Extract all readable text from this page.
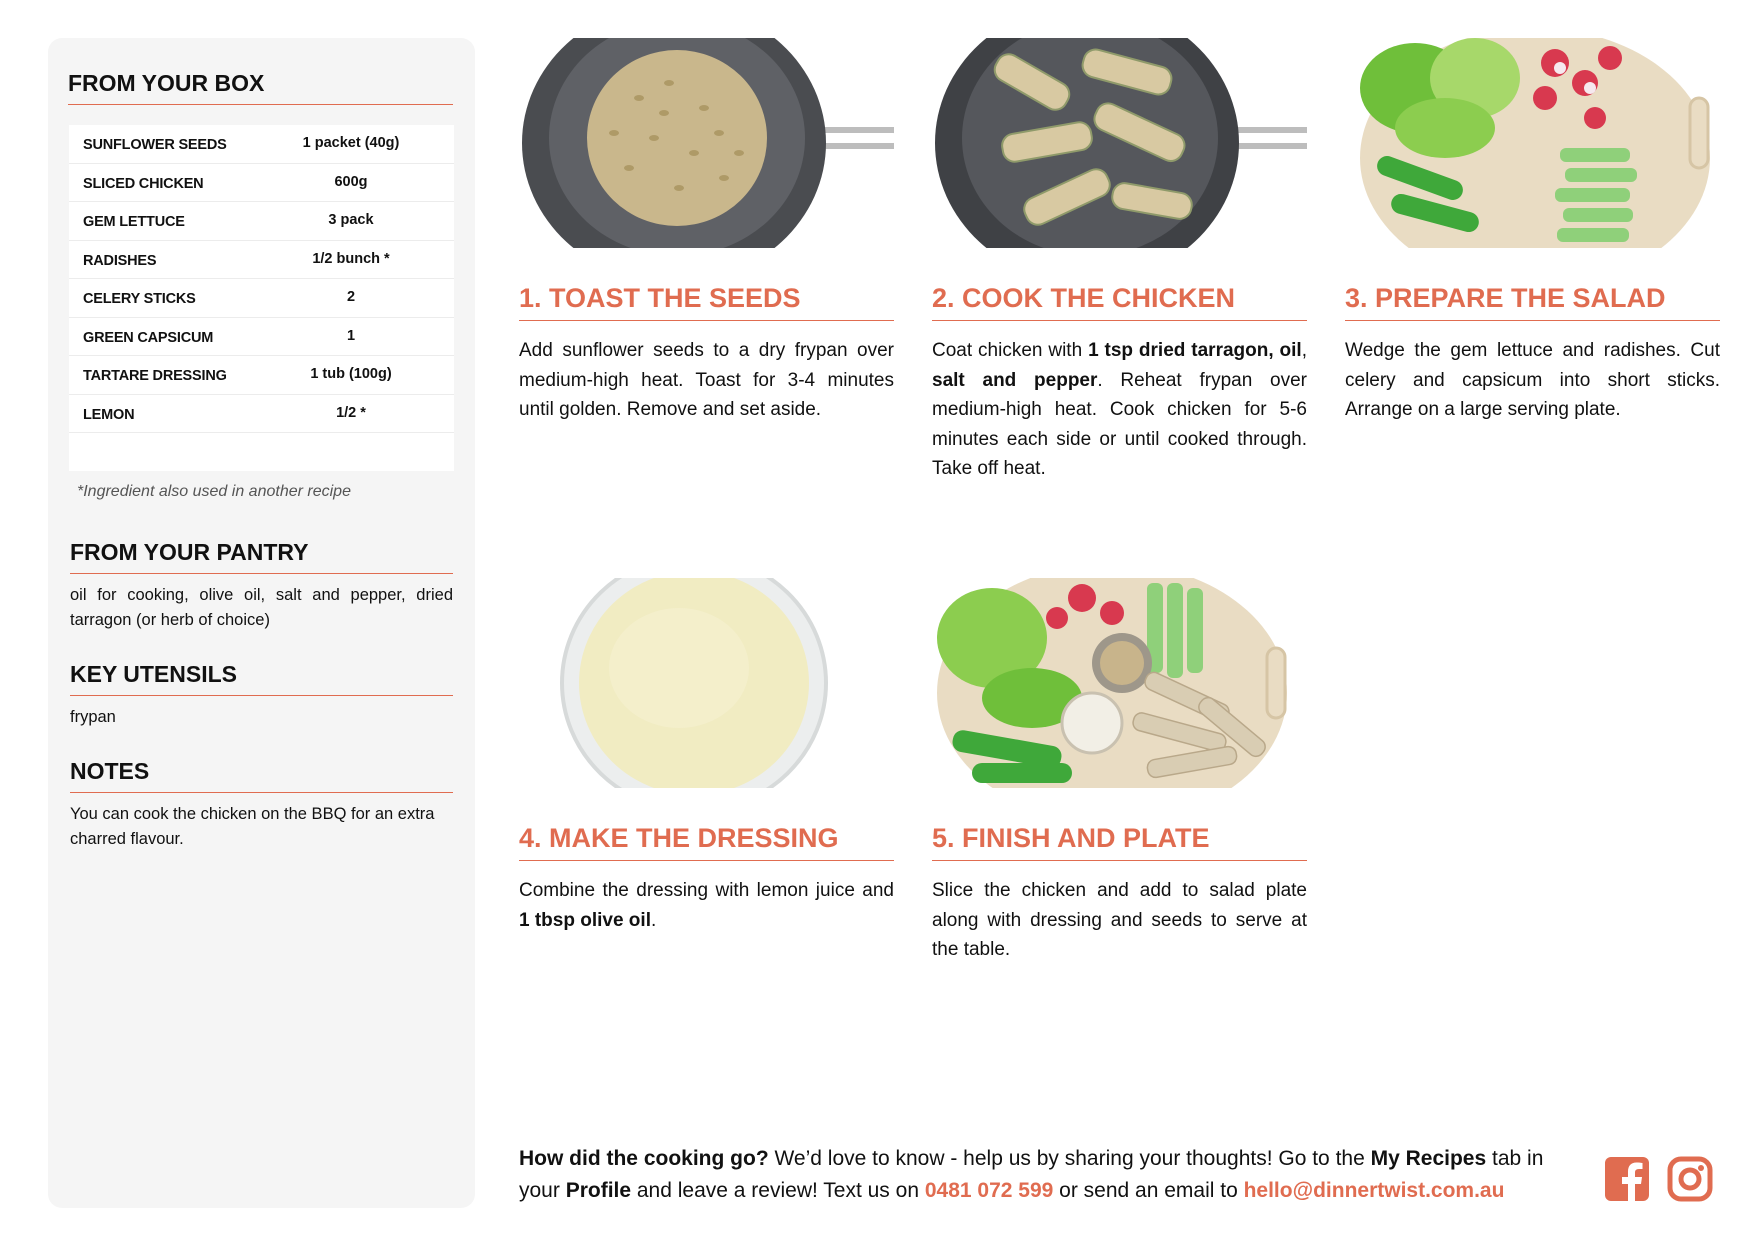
FROM YOUR BOX
SUNFLOWER SEEDS	1 packet (40g)
SLICED CHICKEN	600g
GEM LETTUCE	3 pack
RADISHES	1/2 bunch *
CELERY STICKS	2
GREEN CAPSICUM	1
TARTARE DRESSING	1 tub (100g)
LEMON	1/2 *
*Ingredient also used in another recipe
FROM YOUR PANTRY
oil for cooking, olive oil, salt and pepper, dried tarragon (or herb of choice)
KEY UTENSILS
frypan
NOTES
You can cook the chicken on the BBQ for an extra charred flavour.
1. TOAST THE SEEDS
Add sunflower seeds to a dry frypan over medium-high heat. Toast for 3-4 minutes until golden. Remove and set aside.
2. COOK THE CHICKEN
Coat chicken with 1 tsp dried tarragon, oil, salt and pepper. Reheat frypan over medium-high heat. Cook chicken for 5-6 minutes each side or until cooked through. Take off heat.
3. PREPARE THE SALAD
Wedge the gem lettuce and radishes. Cut celery and capsicum into short sticks. Arrange on a large serving plate.
4. MAKE THE DRESSING
Combine the dressing with lemon juice and 1 tbsp olive oil.
5. FINISH AND PLATE
Slice the chicken and add to salad plate along with dressing and seeds to serve at the table.
How did the cooking go? We’d love to know - help us by sharing your thoughts! Go to the My Recipes tab in your Profile and leave a review! Text us on 0481 072 599 or send an email to hello@dinnertwist.com.au
